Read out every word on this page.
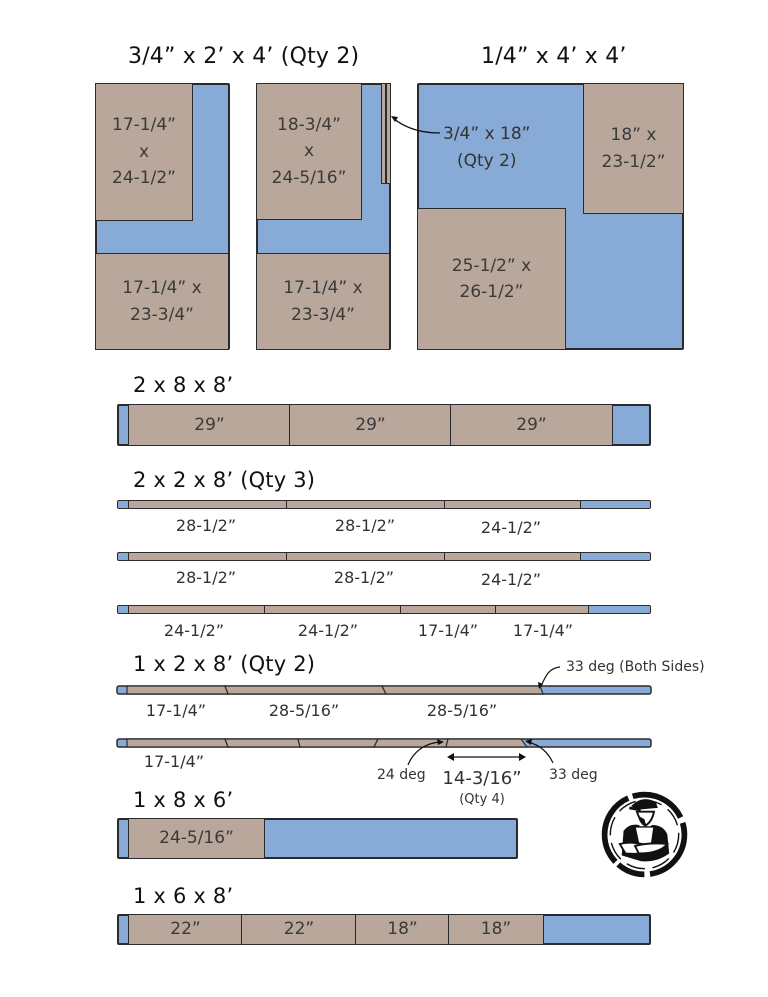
3/4” x 2’ x 4’ (Qty 2)
17-1/4”
x
24-1/2”
17-1/4” x
23-3/4”
18-3/4”
x
24-5/16”
17-1/4” x
23-3/4”
1/4” x 4’ x 4’
18” x
23-1/2”
25-1/2” x
26-1/2”
3/4” x 18”
(Qty 2)
2 x 8 x 8’
29”	29”	29”
2 x 2 x 8’ (Qty 3)
28-1/2”	28-1/2”	24-1/2”
28-1/2”	28-1/2”	24-1/2”
24-1/2”	24-1/2”	17-1/4” 17-1/4”
1 x 2 x 8’ (Qty 2)
17-1/4”	28-5/16”	28-5/16”
17-1/4”
33 deg (Both Sides)
24 deg 14-3/16”
(Qty 4)
33 deg
1 x 8 x 6’
24-5/16”
1 x 6 x 8’
22”	22”	18”	18”
